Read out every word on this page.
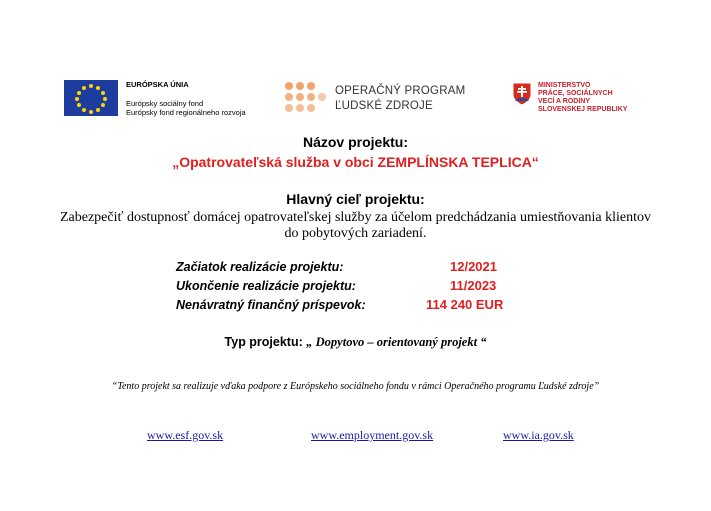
EURÓPSKA ÚNIA
Európsky sociálny fond
Európsky fond regionálneho rozvoja
OPERAČNÝ PROGRAM
ĽUDSKÉ ZDROJE
MINISTERSTVO
PRÁCE, SOCIÁLNYCH
VECÍ A RODINY
SLOVENSKEJ REPUBLIKY
Názov projektu:
„Opatrovateľská služba v obci ZEMPLÍNSKA TEPLICA“
Hlavný cieľ projektu:
Zabezpečiť dostupnosť domácej opatrovateľskej služby za účelom predchádzania umiestňovania klientov
do pobytových zariadení.
Začiatok realizácie projektu:	12/2021
Ukončenie realizácie projektu:	11/2023
Nenávratný finančný príspevok:	114 240 EUR
Typ projektu: „ Dopytovo – orientovaný projekt “
“Tento projekt sa realizuje vďaka podpore z Európskeho sociálneho fondu v rámci Operačného programu Ľudské zdroje”
www.esf.gov.sk	www.employment.gov.sk	www.ia.gov.sk
